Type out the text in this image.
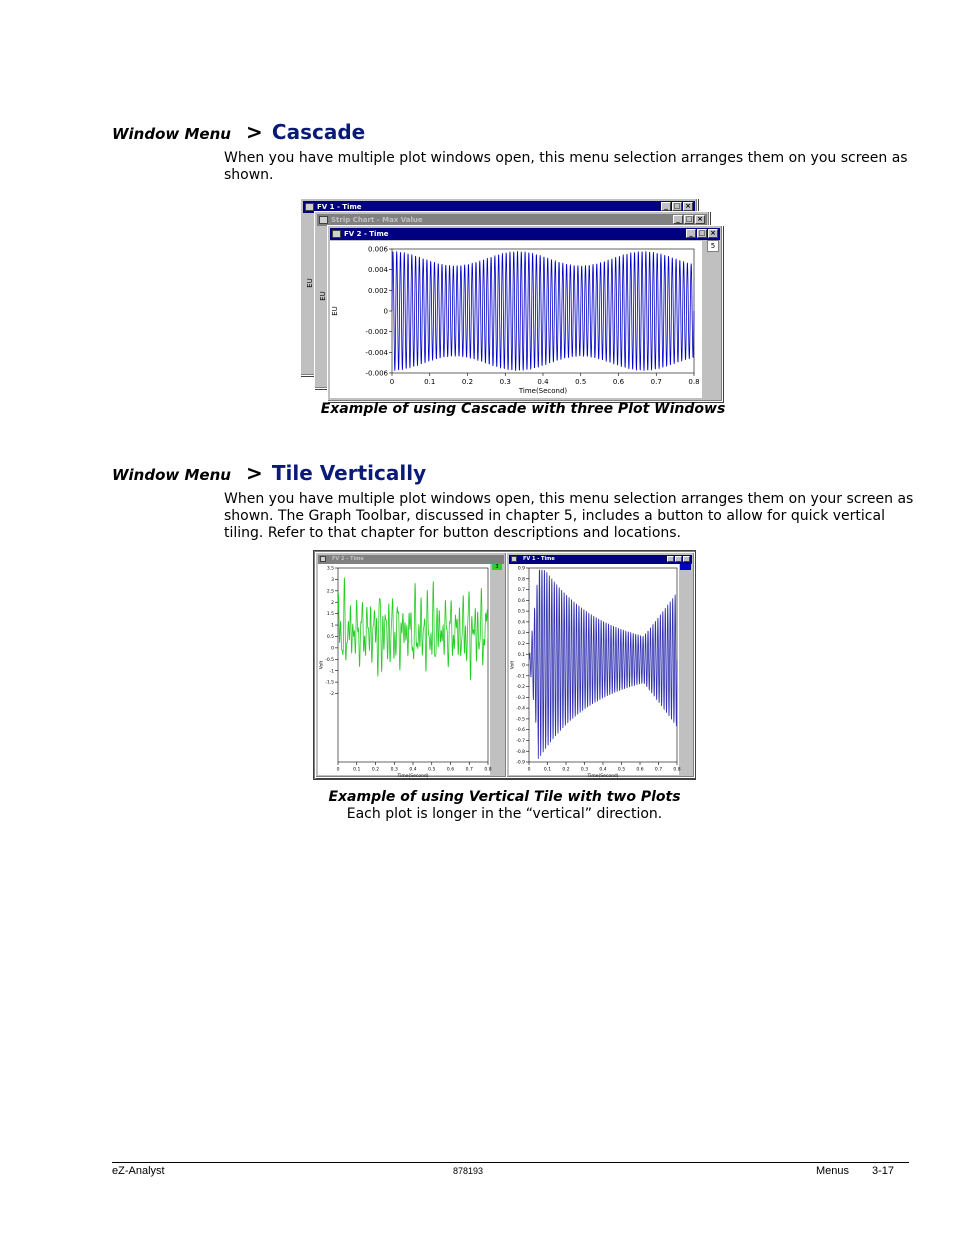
Window Menu > Cascade
When you have multiple plot windows open, this menu selection arranges them on you screen as shown.
FV 1 - Time	_ □ ×
EU
Strip Chart - Max Value	_ □ ×
EU
FV 2 - Time	_ □ ×
5
0.006
0.004
0.002
0
-0.002
-0.004
-0.006
0	0.1	0.2	0.3	0.4	0.5	0.6	0.7	0.8
Time(Second)
EU
Example of using Cascade with three Plot Windows
Window Menu > Tile Vertically
When you have multiple plot windows open, this menu selection arranges them on your screen as shown. The Graph Toolbar, discussed in chapter 5, includes a button to allow for quick vertical tiling. Refer to that chapter for button descriptions and locations.
FV 2 - Time
3
3.5
3
2.5
2
1.5
1
0.5
0
-0.5
-1
-1.5
-2
0	0.1	0.2	0.3	0.4	0.5	0.6	0.7	0.8
Time(Second)
Volt
FV 1 - Time
0.9
0.8
0.7
0.6
0.5
0.4
0.3
0.2
0.1
0
-0.1
-0.2
-0.3
-0.4
-0.5
-0.6
-0.7
-0.8
-0.9
0	0.1	0.2	0.3	0.4	0.5	0.6	0.7	0.8
Time(Second)
Volt
Example of using Vertical Tile with two Plots
Each plot is longer in the “vertical” direction.
eZ-Analyst	878193	Menus 3-17
